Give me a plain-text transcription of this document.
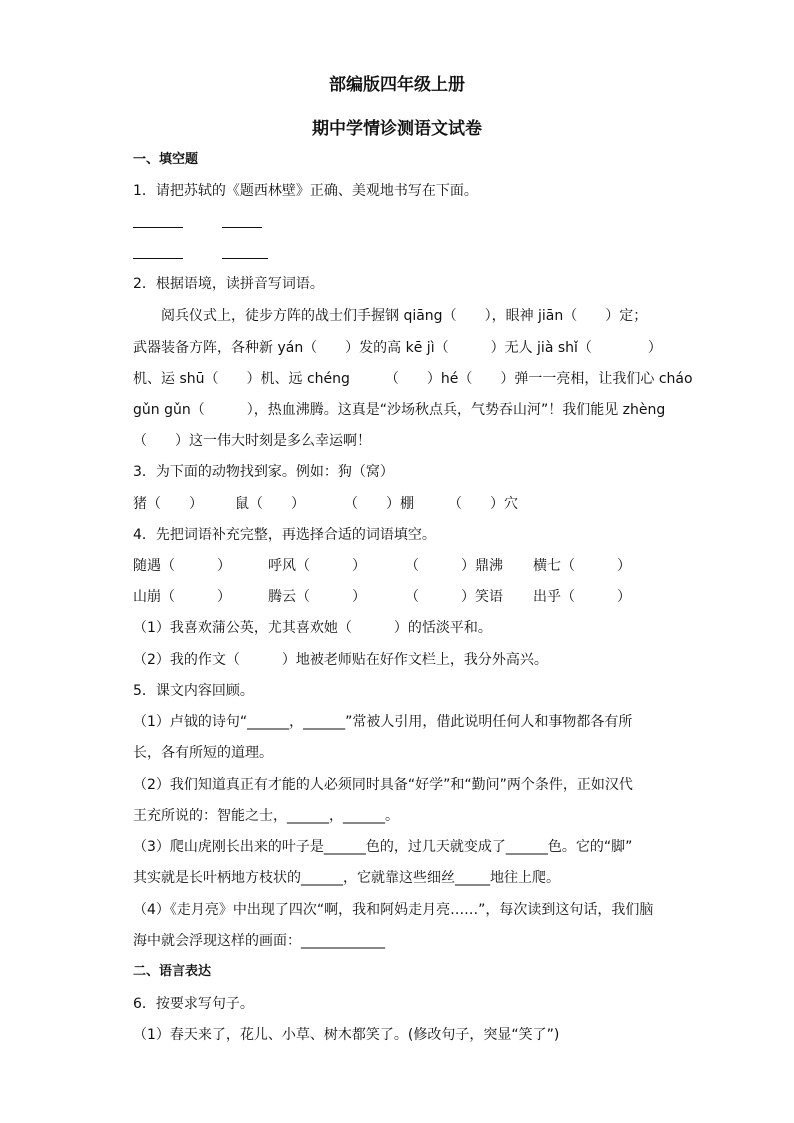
部编版四年级上册
期中学情诊测语文试卷
一、填空题
1．请把苏轼的《题西林壁》正确、美观地书写在下面。
2．根据语境，读拼音写词语。
阅兵仪式上，徒步方阵的战士们手握钢 qiāng（　　），眼神 jiān（　　）定；
武器装备方阵，各种新 yán（　　）发的高 kē jì（　　　）无人 jià shǐ（　　　　）
机、运 shū（　　）机、远 chéng　　　（　　）hé（　　）弹一一亮相，让我们心 cháo
gǔn gǔn（　　　），热血沸腾。这真是“沙场秋点兵，气势吞山河”！我们能见 zhèng
（　　）这一伟大时刻是多么幸运啊！
3．为下面的动物找到家。例如：狗（窝）
猪（　　） 鼠（　　）	（　　）棚 （　　）穴
4．先把词语补充完整，再选择合适的词语填空。
随遇（　　　）	呼风（　　　）	（　　　）鼎沸 横七（　　　）
山崩（　　　）	腾云（　　　）	（　　　）笑语 出乎（　　　）
（1）我喜欢蒲公英，尤其喜欢她（　　　）的恬淡平和。
（2）我的作文（　　　）地被老师贴在好作文栏上，我分外高兴。
5．课文内容回顾。
（1）卢钺的诗句“______，______”常被人引用，借此说明任何人和事物都各有所
长，各有所短的道理。
（2）我们知道真正有才能的人必须同时具备“好学”和“勤问”两个条件，正如汉代
王充所说的：智能之士，______，______。
（3）爬山虎刚长出来的叶子是______色的，过几天就变成了______色。它的“脚”
其实就是长叶柄地方枝状的______，它就靠这些细丝_____地往上爬。
（4）《走月亮》中出现了四次“啊，我和阿妈走月亮……”，每次读到这句话，我们脑
海中就会浮现这样的画面：____________
二、语言表达
6．按要求写句子。
（1）春天来了，花儿、小草、树木都笑了。(修改句子，突显“笑了”)
